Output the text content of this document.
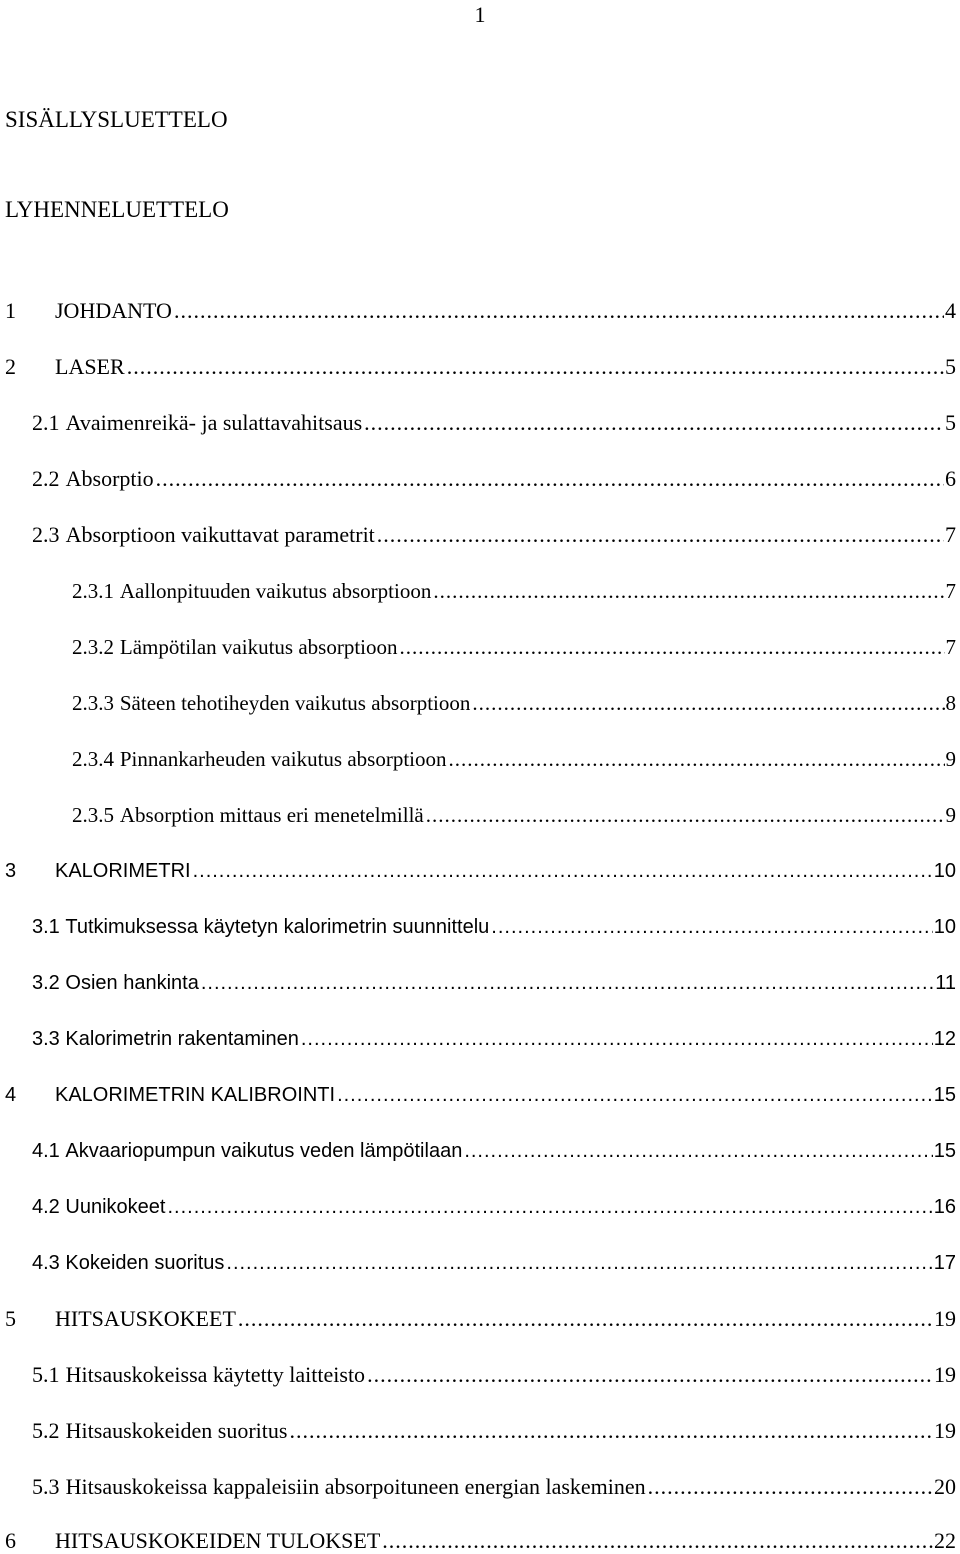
1
SISÄLLYSLUETTELO
LYHENNELUETTELO
1	JOHDANTO .....	4
2	LASER .....	5
2.1 Avaimenreikä- ja sulattavahitsaus .....	5
2.2 Absorptio .....	6
2.3 Absorptioon vaikuttavat parametrit .....	7
2.3.1 Aallonpituuden vaikutus absorptioon .....	7
2.3.2 Lämpötilan vaikutus absorptioon .....	7
2.3.3 Säteen tehotiheyden vaikutus absorptioon .....	8
2.3.4 Pinnankarheuden vaikutus absorptioon .....	9
2.3.5 Absorption mittaus eri menetelmillä .....	9
3	KALORIMETRI .....	10
3.1 Tutkimuksessa käytetyn kalorimetrin suunnittelu .....	10
3.2 Osien hankinta .....	11
3.3 Kalorimetrin rakentaminen .....	12
4	KALORIMETRIN KALIBROINTI .....	15
4.1 Akvaariopumpun vaikutus veden lämpötilaan .....	15
4.2 Uunikokeet .....	16
4.3 Kokeiden suoritus .....	17
5	HITSAUSKOKEET .....	19
5.1 Hitsauskokeissa käytetty laitteisto .....	19
5.2 Hitsauskokeiden suoritus .....	19
5.3 Hitsauskokeissa kappaleisiin absorpoituneen energian laskeminen .....	20
6	HITSAUSKOKEIDEN TULOKSET .....	22
